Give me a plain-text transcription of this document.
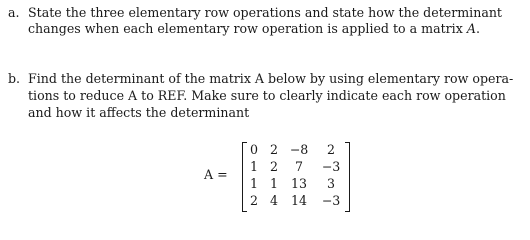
a. State the three elementary row operations and state how the determinant
changes when each elementary row operation is applied to a matrix A.
b. Find the determinant of the matrix A below by using elementary row opera-
tions to reduce A to REF. Make sure to clearly indicate each row operation
and how it affects the determinant
A =
0 2 −8	2
1 2	7	−3
1 1	13	3
2 4	14	−3
